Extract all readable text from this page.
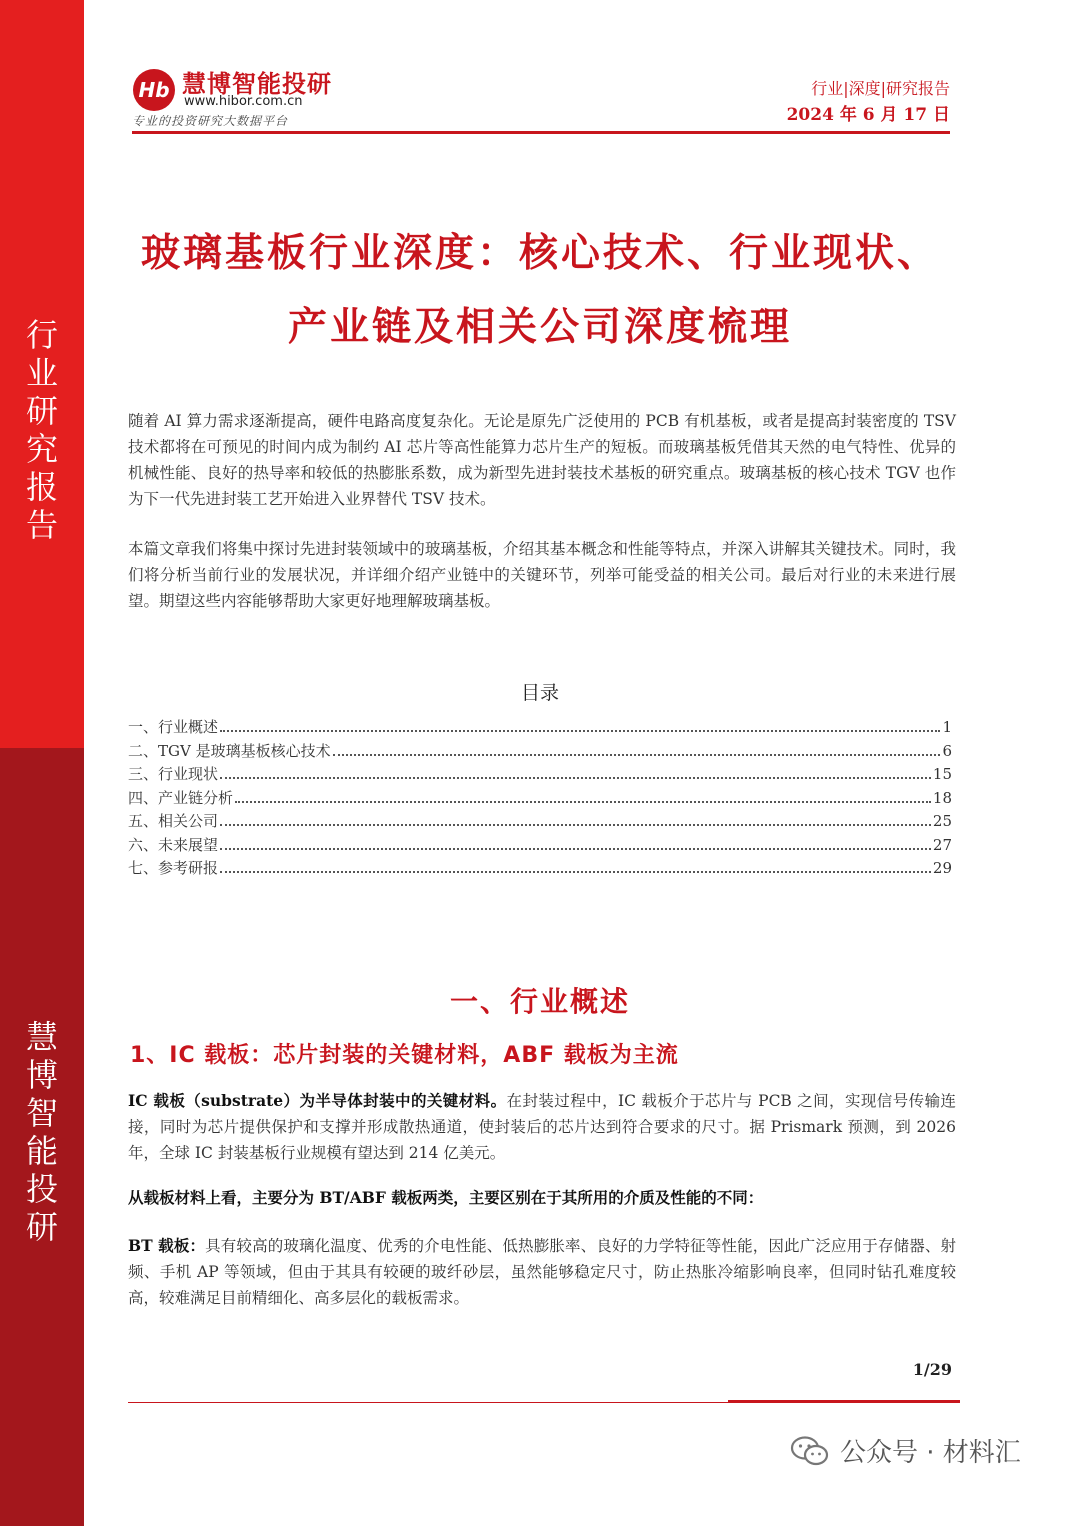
行
业
研
究
报
告
慧
博
智
能
投
研
Hb 慧博智能投研
www.hibor.com.cn
专业的投资研究大数据平台
行业|深度|研究报告
2024 年 6 月 17 日
玻璃基板行业深度：核心技术、行业现状、
产业链及相关公司深度梳理
随着 AI 算力需求逐渐提高，硬件电路高度复杂化。无论是原先广泛使用的 PCB 有机基板，或者是提高封装密度的 TSV 技术都将在可预见的时间内成为制约 AI 芯片等高性能算力芯片生产的短板。而玻璃基板凭借其天然的电气特性、优异的机械性能、良好的热导率和较低的热膨胀系数，成为新型先进封装技术基板的研究重点。玻璃基板的核心技术 TGV 也作为下一代先进封装工艺开始进入业界替代 TSV 技术。
本篇文章我们将集中探讨先进封装领域中的玻璃基板，介绍其基本概念和性能等特点，并深入讲解其关键技术。同时，我们将分析当前行业的发展状况，并详细介绍产业链中的关键环节，列举可能受益的相关公司。最后对行业的未来进行展望。期望这些内容能够帮助大家更好地理解玻璃基板。
目录
一、行业概述	1
二、TGV 是玻璃基板核心技术	6
三、行业现状	15
四、产业链分析	18
五、相关公司	25
六、未来展望	27
七、参考研报	29
一、行业概述
1、IC 载板：芯片封装的关键材料，ABF 载板为主流
IC 载板（substrate）为半导体封装中的关键材料。在封装过程中，IC 载板介于芯片与 PCB 之间，实现信号传输连接，同时为芯片提供保护和支撑并形成散热通道，使封装后的芯片达到符合要求的尺寸。据 Prismark 预测，到 2026 年，全球 IC 封装基板行业规模有望达到 214 亿美元。
从载板材料上看，主要分为 BT/ABF 载板两类，主要区别在于其所用的介质及性能的不同：
BT 载板：具有较高的玻璃化温度、优秀的介电性能、低热膨胀率、良好的力学特征等性能，因此广泛应用于存储器、射频、手机 AP 等领域，但由于其具有较硬的玻纤砂层，虽然能够稳定尺寸，防止热胀冷缩影响良率，但同时钻孔难度较高，较难满足目前精细化、高多层化的载板需求。
1/29
公众号 · 材料汇
